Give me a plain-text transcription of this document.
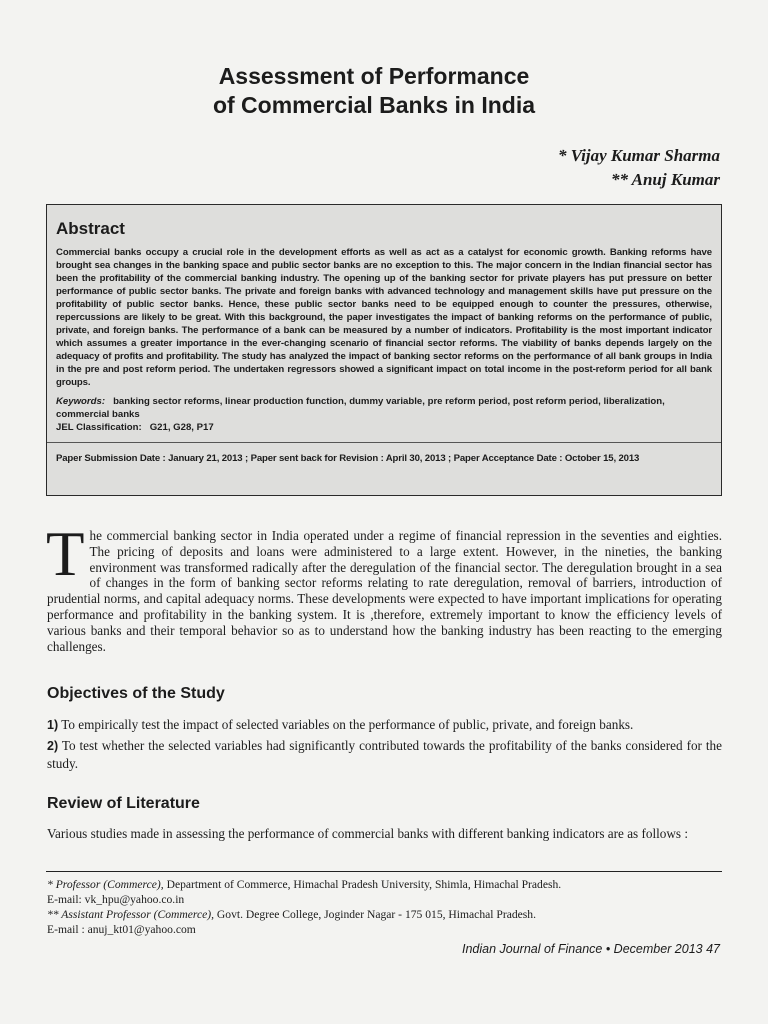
Assessment of Performance
of Commercial Banks in India
* Vijay Kumar Sharma
** Anuj Kumar
Abstract

Commercial banks occupy a crucial role in the development efforts as well as act as a catalyst for economic growth. Banking reforms have brought sea changes in the banking space and public sector banks are no exception to this. The major concern in the Indian financial sector has been the profitability of the commercial banking industry. The opening up of the banking sector for private players has put pressure on better performance of public sector banks. The private and foreign banks with advanced technology and management skills have put pressure on the profitability of public sector banks. Hence, these public sector banks need to be equipped enough to counter the pressures, otherwise, repercussions are likely to be great. With this background, the paper investigates the impact of banking reforms on the performance of public, private, and foreign banks. The performance of a bank can be measured by a number of indicators. Profitability is the most important indicator which assumes a greater importance in the ever-changing scenario of financial sector reforms. The viability of banks depends largely on the adequacy of profits and profitability. The study has analyzed the impact of banking sector reforms on the performance of all bank groups in India in the pre and post reform period. The undertaken regressors showed a significant impact on total income in the post-reform period for all bank groups.

Keywords: banking sector reforms, linear production function, dummy variable, pre reform period, post reform period, liberalization, commercial banks
JEL Classification: G21, G28, P17
Paper Submission Date : January 21, 2013 ; Paper sent back for Revision : April 30, 2013 ; Paper Acceptance Date : October 15, 2013

The commercial banking sector in India operated under a regime of financial repression in the seventies and eighties. The pricing of deposits and loans were administered to a large extent. However, in the nineties, the banking environment was transformed radically after the deregulation of the financial sector. The deregulation brought in a sea of changes in the form of banking sector reforms relating to rate deregulation, removal of barriers, introduction of prudential norms, and capital adequacy norms. These developments were expected to have important implications for operating performance and profitability in the banking system. It is ,therefore, extremely important to know the efficiency levels of various banks and their temporal behavior so as to understand how the banking industry has been reacting to the emerging challenges.

Objectives of the Study

1) To empirically test the impact of selected variables on the performance of public, private, and foreign banks.

2) To test whether the selected variables had significantly contributed towards the profitability of the banks considered for the study.

Review of Literature

Various studies made in assessing the performance of commercial banks with different banking indicators are as follows :

* Professor (Commerce), Department of Commerce, Himachal Pradesh University, Shimla, Himachal Pradesh.
E-mail: vk_hpu@yahoo.co.in
** Assistant Professor (Commerce), Govt. Degree College, Joginder Nagar - 175 015, Himachal Pradesh.
E-mail : anuj_kt01@yahoo.com
Indian Journal of Finance • December 2013 47
